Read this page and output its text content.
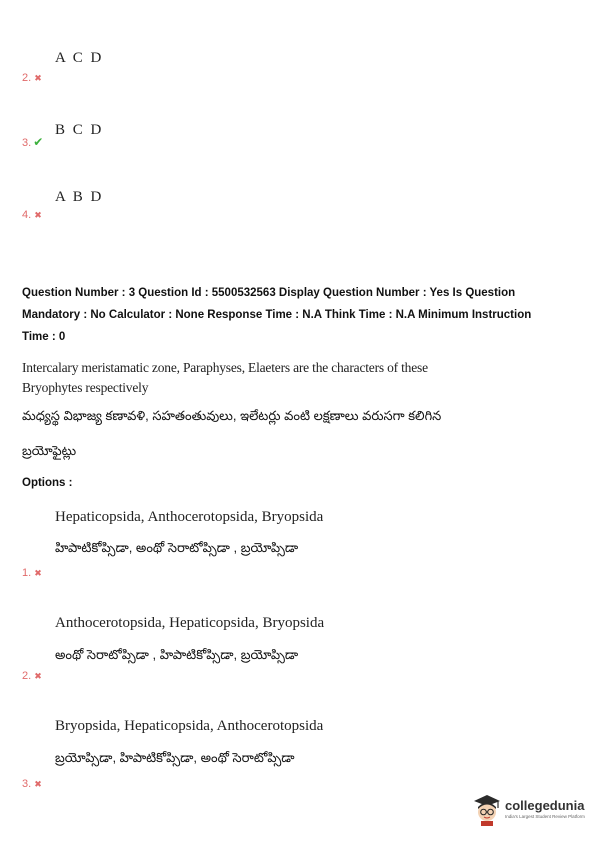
A C D
2. ✖
B C D
3. ✔
A B D
4. ✖
Question Number : 3 Question Id : 5500532563 Display Question Number : Yes Is Question
Mandatory : No Calculator : None Response Time : N.A Think Time : N.A Minimum Instruction
Time : 0
Intercalary meristamatic zone, Paraphyses, Elaeters are the characters of these
Bryophytes respectively
మధ్యస్థ విభాజ్య కణావళి, సహతంతువులు, ఇలేటర్లు వంటి లక్షణాలు వరుసగా కలిగిన
బ్రయోఫైట్లు
Options :
Hepaticopsida, Anthocerotopsida, Bryopsida
హిపాటికోప్సిడా, అంథో సెరాటోప్సిడా , బ్రయోప్సిడా
1. ✖
Anthocerotopsida, Hepaticopsida, Bryopsida
అంథో సెరాటోప్సిడా , హిపాటికోప్సిడా, బ్రయోప్సిడా
2. ✖
Bryopsida, Hepaticopsida, Anthocerotopsida
బ్రయోప్సిడా, హిపాటికోప్సిడా, అంథో సెరాటోప్సిడా
3. ✖
collegedunia
India's Largest Student Review Platform
